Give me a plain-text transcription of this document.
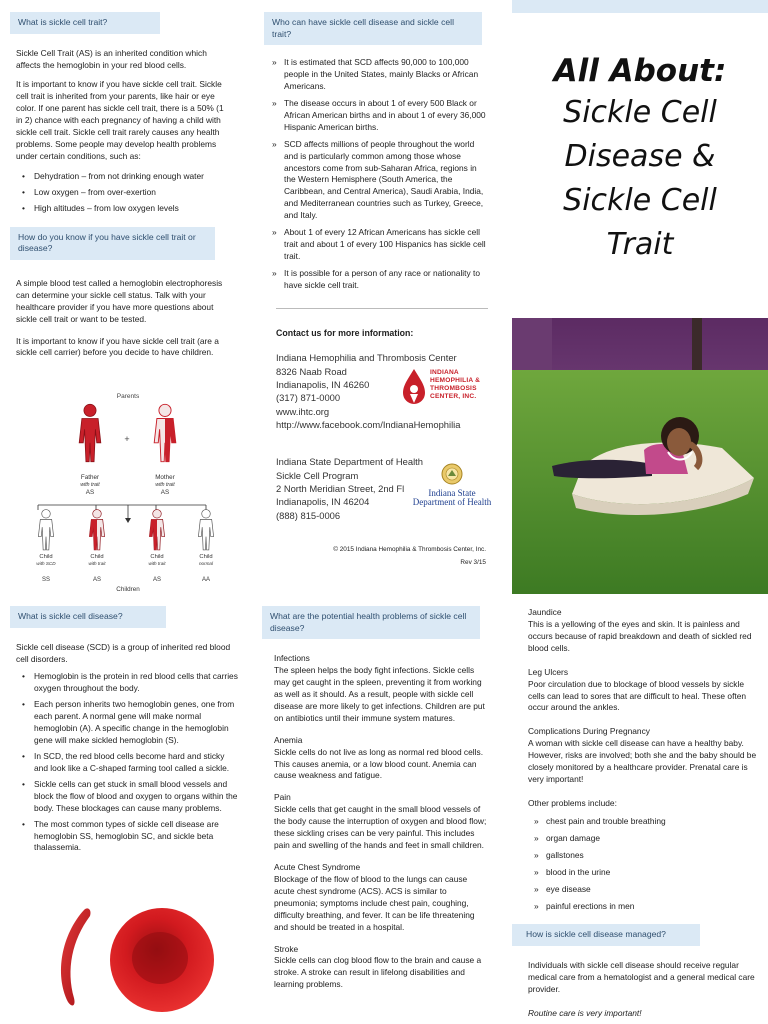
What is sickle cell trait?

Sickle Cell Trait (AS) is an inherited condition which affects the hemoglobin in your red blood cells.

It is important to know if you have sickle cell trait. Sickle cell trait is inherited from your parents, like hair or eye color. If one parent has sickle cell trait, there is a 50% (1 in 2) chance with each pregnancy of having a child with sickle cell trait. Sickle cell trait rarely causes any health problems. Some people may develop health problems under certain conditions, such as:

• Dehydration – from not drinking enough water
• Low oxygen – from over-exertion
• High altitudes – from low oxygen levels
How do you know if you have sickle cell trait or disease?

A simple blood test called a hemoglobin electrophoresis can determine your sickle cell status. Talk with your healthcare provider if you have more questions about sickle cell trait or want to be tested.

It is important to know if you have sickle cell trait (are a sickle cell carrier) before you decide to have children.

Parents
+
Father
with trait
AS
Mother
with trait
AS
Child
with SCD
SS
Child
with trait
AS
Child
with trait
AS
Child
normal
AA
Children
Who can have sickle cell disease and sickle cell trait?
» It is estimated that SCD affects 90,000 to 100,000 people in the United States, mainly Blacks or African Americans.
» The disease occurs in about 1 of every 500 Black or African American births and in about 1 of every 36,000 Hispanic American births.
» SCD affects millions of people throughout the world and is particularly common among those whose ancestors come from sub-Saharan Africa, regions in the Western Hemisphere (South America, the Caribbean, and Central America), Saudi Arabia, India, and Mediterranean countries such as Turkey, Greece, and Italy.
» About 1 of every 12 African Americans has sickle cell trait and about 1 of every 100 Hispanics has sickle cell trait.
» It is possible for a person of any race or nationality to have sickle cell trait.
Contact us for more information:
Indiana Hemophilia and Thrombosis Center
8326 Naab Road
Indianapolis, IN 46260
(317) 871-0000
www.ihtc.org
http://www.facebook.com/IndianaHemophilia
INDIANA
HEMOPHILIA &
THROMBOSIS
CENTER, INC.
Indiana State Department of Health
Sickle Cell Program
2 North Meridian Street, 2nd Fl
Indianapolis, IN 46204
(888) 815-0006
Indiana State
Department of Health
© 2015 Indiana Hemophilia & Thrombosis Center, Inc.
Rev 3/15
All About:
Sickle Cell
Disease &
Sickle Cell
Trait
What is sickle cell disease?

Sickle cell disease (SCD) is a group of inherited red blood cell disorders.

• Hemoglobin is the protein in red blood cells that carries oxygen throughout the body.
• Each person inherits two hemoglobin genes, one from each parent. A normal gene will make normal hemoglobin (A). A specific change in the hemoglobin gene will make sickled hemoglobin (S).
• In SCD, the red blood cells become hard and sticky and look like a C-shaped farming tool called a sickle.
• Sickle cells can get stuck in small blood vessels and block the flow of blood and oxygen to organs within the body. These blockages can cause many problems.
• The most common types of sickle cell disease are hemoglobin SS, hemoglobin SC, and sickle beta thalassemia.
What are the potential health problems of sickle cell disease?
Infections
The spleen helps the body fight infections. Sickle cells may get caught in the spleen, preventing it from working as well as it should. As a result, people with sickle cell disease are more likely to get infections. Children are put on antibiotics until their immune system matures.
Anemia
Sickle cells do not live as long as normal red blood cells. This causes anemia, or a low blood count. Anemia can cause weakness and fatigue.
Pain
Sickle cells that get caught in the small blood vessels of the body cause the interruption of oxygen and blood flow; these sickling crises can be very painful. This includes pain and swelling of the hands and feet in small children.
Acute Chest Syndrome
Blockage of the flow of blood to the lungs can cause acute chest syndrome (ACS). ACS is similar to pneumonia; symptoms include chest pain, coughing, difficulty breathing, and fever. It can be life threatening and should be treated in a hospital.
Stroke
Sickle cells can clog blood flow to the brain and cause a stroke. A stroke can result in lifelong disabilities and learning problems.
Jaundice
This is a yellowing of the eyes and skin. It is painless and occurs because of rapid breakdown and death of sickled red blood cells.
Leg Ulcers
Poor circulation due to blockage of blood vessels by sickle cells can lead to sores that are difficult to heal. These often occur around the ankles.
Complications During Pregnancy
A woman with sickle cell disease can have a healthy baby. However, risks are involved; both she and the baby should be closely monitored by a healthcare provider. Prenatal care is very important!
Other problems include:
» chest pain and trouble breathing
» organ damage
» gallstones
» blood in the urine
» eye disease
» painful erections in men
How is sickle cell disease managed?

Individuals with sickle cell disease should receive regular medical care from a hematologist and a general medical care provider.

Routine care is very important!
